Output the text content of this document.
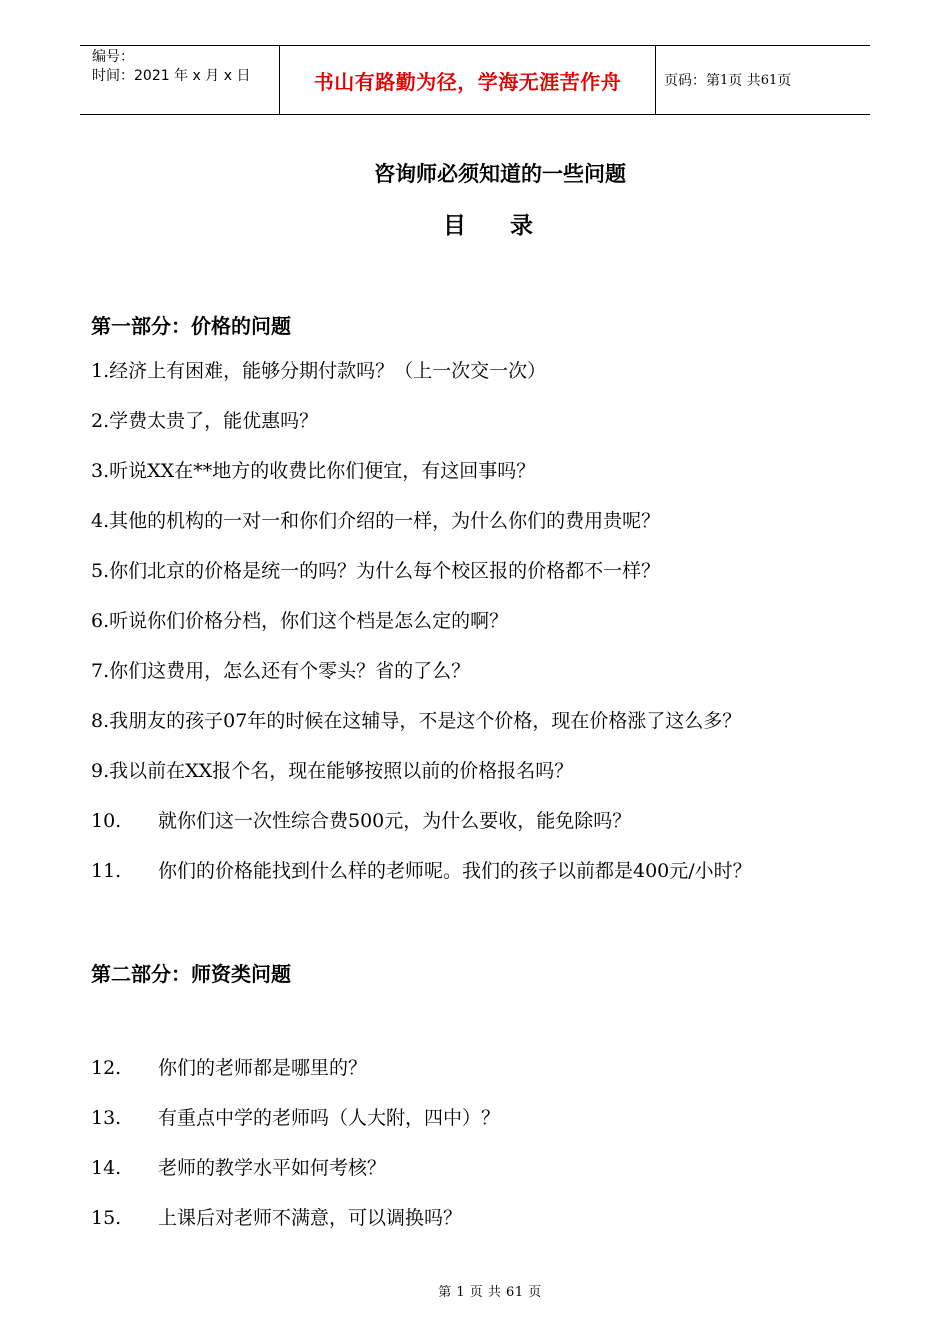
编号：
时间：2021 年 x 月 x 日	书山有路勤为径，学海无涯苦作舟	页码：第 1 页 共 61 页
咨询师必须知道的一些问题
目录
第一部分：价格的问题
1.经济上有困难，能够分期付款吗？（上一次交一次）
2.学费太贵了，能优惠吗？
3.听说XX在**地方的收费比你们便宜，有这回事吗？
4.其他的机构的一对一和你们介绍的一样，为什么你们的费用贵呢？
5.你们北京的价格是统一的吗？为什么每个校区报的价格都不一样？
6.听说你们价格分档，你们这个档是怎么定的啊？
7.你们这费用，怎么还有个零头？省的了么？
8.我朋友的孩子07年的时候在这辅导，不是这个价格，现在价格涨了这么多？
9.我以前在XX报个名，现在能够按照以前的价格报名吗？
10. 就你们这一次性综合费500元，为什么要收，能免除吗？
11. 你们的价格能找到什么样的老师呢。我们的孩子以前都是400元/小时？
第二部分：师资类问题
12. 你们的老师都是哪里的？
13. 有重点中学的老师吗（人大附，四中）？
14. 老师的教学水平如何考核？
15. 上课后对老师不满意，可以调换吗？
第 1 页 共 61 页
